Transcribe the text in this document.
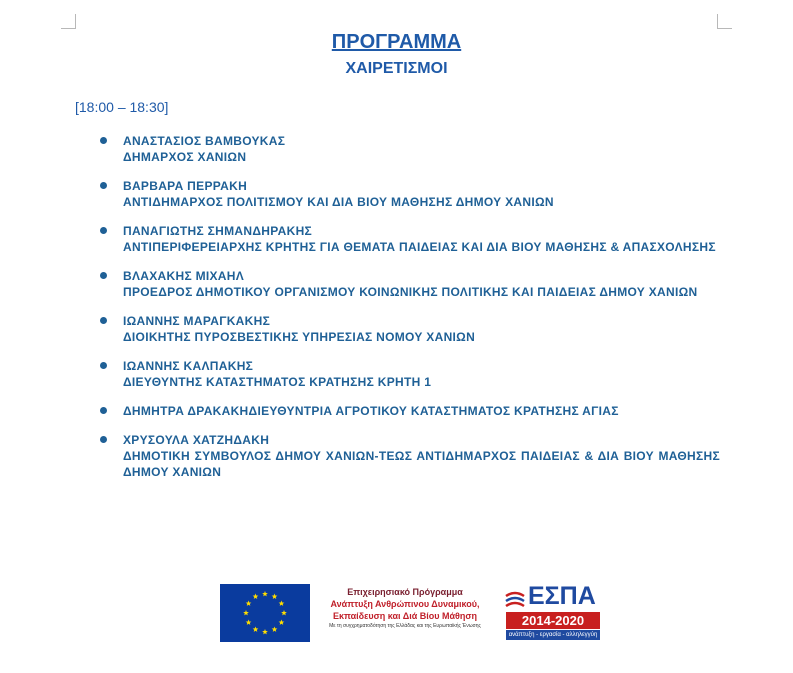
ΠΡΟΓΡΑΜΜΑ
ΧΑΙΡΕΤΙΣΜΟΙ
[18:00 – 18:30]
ΑΝΑΣΤΑΣΙΟΣ ΒΑΜΒΟΥΚΑΣ
ΔΗΜΑΡΧΟΣ ΧΑΝΙΩΝ
ΒΑΡΒΑΡΑ ΠΕΡΡΑΚΗ
ΑΝΤΙΔΗΜΑΡΧΟΣ ΠΟΛΙΤΙΣΜΟΥ ΚΑΙ ΔΙΑ ΒΙΟΥ ΜΑΘΗΣΗΣ ΔΗΜΟΥ ΧΑΝΙΩΝ
ΠΑΝΑΓΙΩΤΗΣ ΣΗΜΑΝΔΗΡΑΚΗΣ
ΑΝΤΙΠΕΡΙΦΕΡΕΙΑΡΧΗΣ ΚΡΗΤΗΣ ΓΙΑ ΘΕΜΑΤΑ ΠΑΙΔΕΙΑΣ ΚΑΙ ΔΙΑ ΒΙΟΥ ΜΑΘΗΣΗΣ & ΑΠΑΣΧΟΛΗΣΗΣ
ΒΛΑΧΑΚΗΣ ΜΙΧΑΗΛ
ΠΡΟΕΔΡΟΣ ΔΗΜΟΤΙΚΟΥ ΟΡΓΑΝΙΣΜΟΥ ΚΟΙΝΩΝΙΚΗΣ ΠΟΛΙΤΙΚΗΣ ΚΑΙ ΠΑΙΔΕΙΑΣ ΔΗΜΟΥ ΧΑΝΙΩΝ
ΙΩΑΝΝΗΣ ΜΑΡΑΓΚΑΚΗΣ
ΔΙΟΙΚΗΤΗΣ ΠΥΡΟΣΒΕΣΤΙΚΗΣ ΥΠΗΡΕΣΙΑΣ ΝΟΜΟΥ ΧΑΝΙΩΝ
ΙΩΑΝΝΗΣ ΚΑΛΠΑΚΗΣ
ΔΙΕΥΘΥΝΤΗΣ ΚΑΤΑΣΤΗΜΑΤΟΣ ΚΡΑΤΗΣΗΣ ΚΡΗΤΗ 1
ΔΗΜΗΤΡΑ ΔΡΑΚΑΚΗΔΙΕΥΘΥΝΤΡΙΑ ΑΓΡΟΤΙΚΟΥ ΚΑΤΑΣΤΗΜΑΤΟΣ ΚΡΑΤΗΣΗΣ ΑΓΙΑΣ
ΧΡΥΣΟΥΛΑ ΧΑΤΖΗΔΑΚΗ
ΔΗΜΟΤΙΚΗ ΣΥΜΒΟΥΛΟΣ ΔΗΜΟΥ ΧΑΝΙΩΝ-ΤΕΩΣ ΑΝΤΙΔΗΜΑΡΧΟΣ ΠΑΙΔΕΙΑΣ & ΔΙΑ ΒΙΟΥ ΜΑΘΗΣΗΣ ΔΗΜΟΥ ΧΑΝΙΩΝ
Επιχειρησιακό Πρόγραμμα
Ανάπτυξη Ανθρώπινου Δυναμικού,
Εκπαίδευση και Διά Βίου Μάθηση
Με τη συγχρηματοδότηση της Ελλάδας και της Ευρωπαϊκής Ένωσης
ΕΣΠΑ
2014-2020
ανάπτυξη - εργασία - αλληλεγγύη
